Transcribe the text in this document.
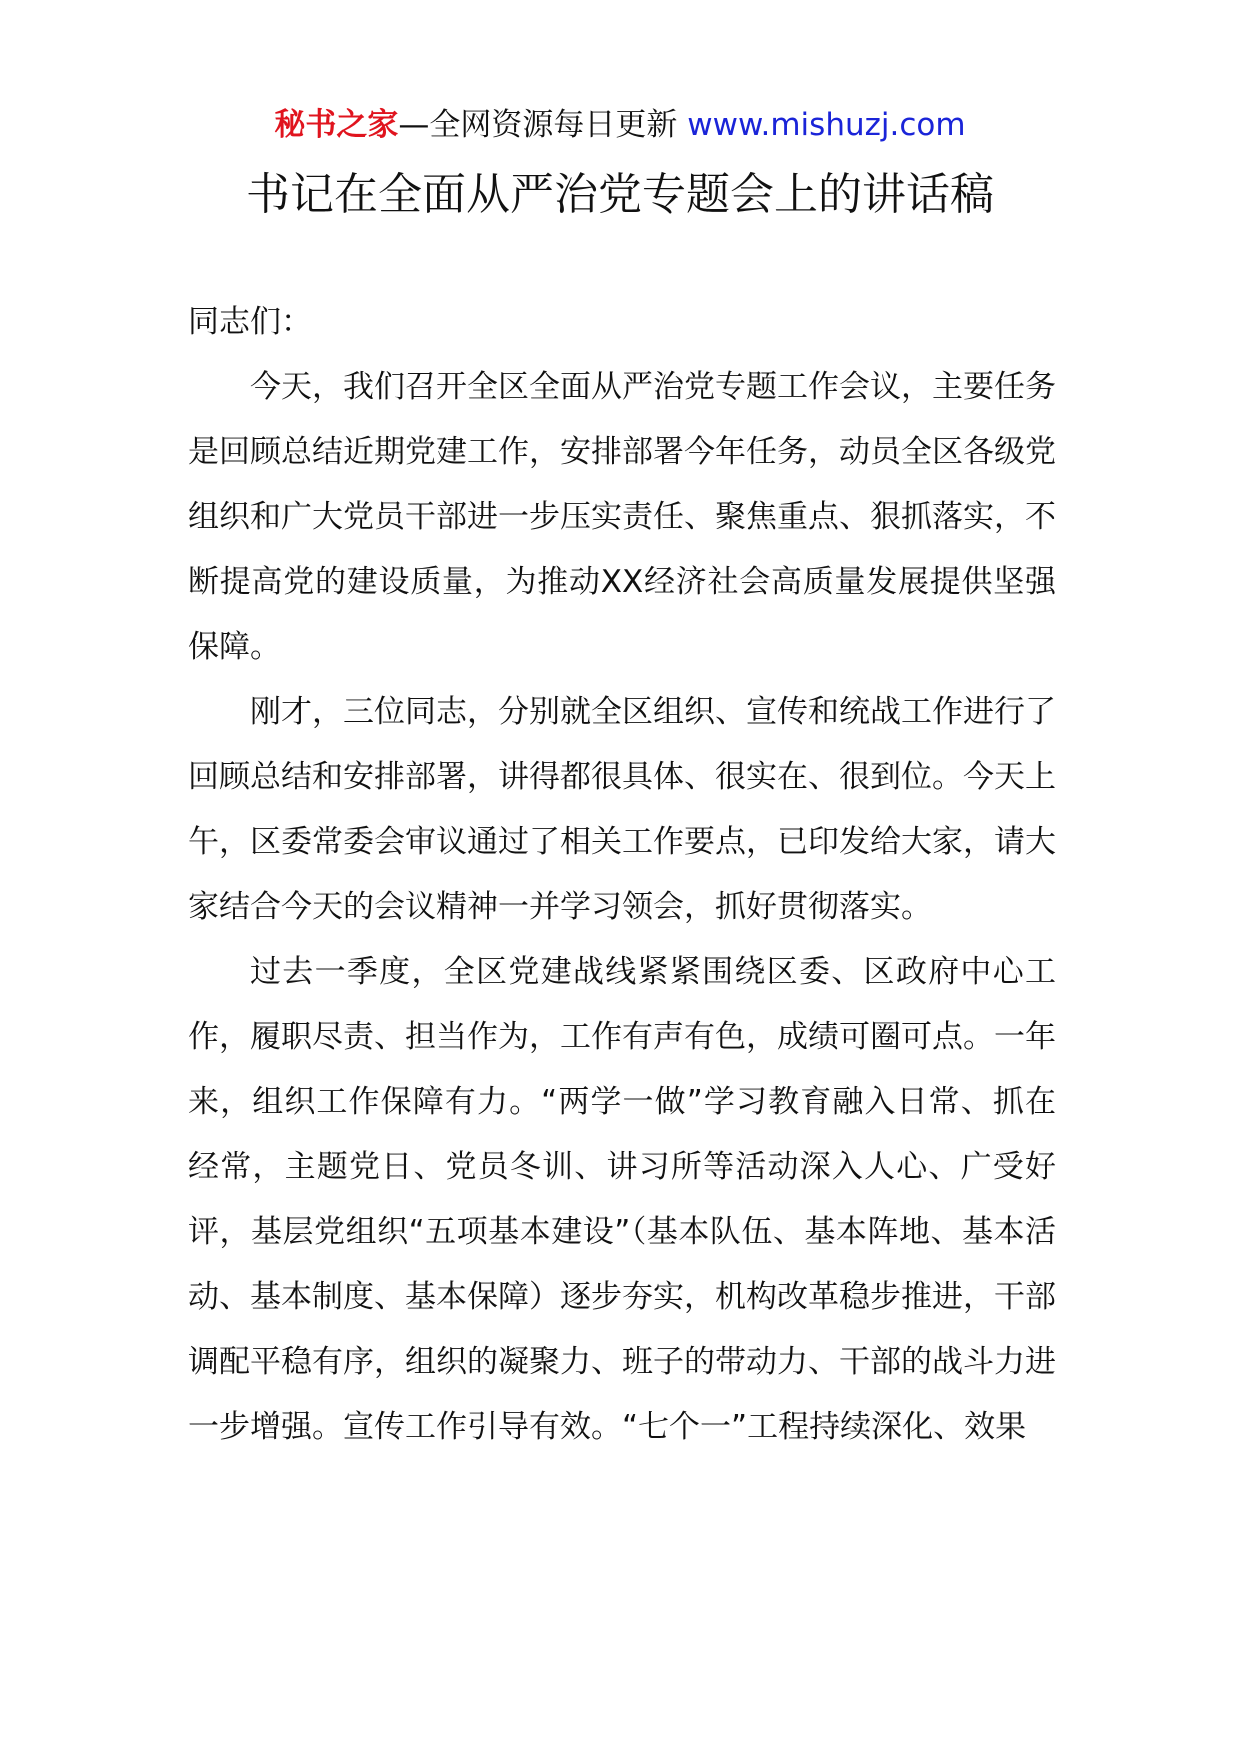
秘书之家—全网资源每日更新 www.mishuzj.com
书记在全面从严治党专题会上的讲话稿

同志们：

今天，我们召开全区全面从严治党专题工作会议，主要任务是回顾总结近期党建工作，安排部署今年任务，动员全区各级党组织和广大党员干部进一步压实责任、聚焦重点、狠抓落实，不断提高党的建设质量，为推动XX经济社会高质量发展提供坚强保障。

刚才，三位同志，分别就全区组织、宣传和统战工作进行了回顾总结和安排部署，讲得都很具体、很实在、很到位。今天上午，区委常委会审议通过了相关工作要点，已印发给大家，请大家结合今天的会议精神一并学习领会，抓好贯彻落实。

过去一季度，全区党建战线紧紧围绕区委、区政府中心工作，履职尽责、担当作为，工作有声有色，成绩可圈可点。一年来，组织工作保障有力。“两学一做”学习教育融入日常、抓在经常，主题党日、党员冬训、讲习所等活动深入人心、广受好评，基层党组织“五项基本建设”（基本队伍、基本阵地、基本活动、基本制度、基本保障）逐步夯实，机构改革稳步推进，干部调配平稳有序，组织的凝聚力、班子的带动力、干部的战斗力进一步增强。宣传工作引导有效。“七个一”工程持续深化、效果
